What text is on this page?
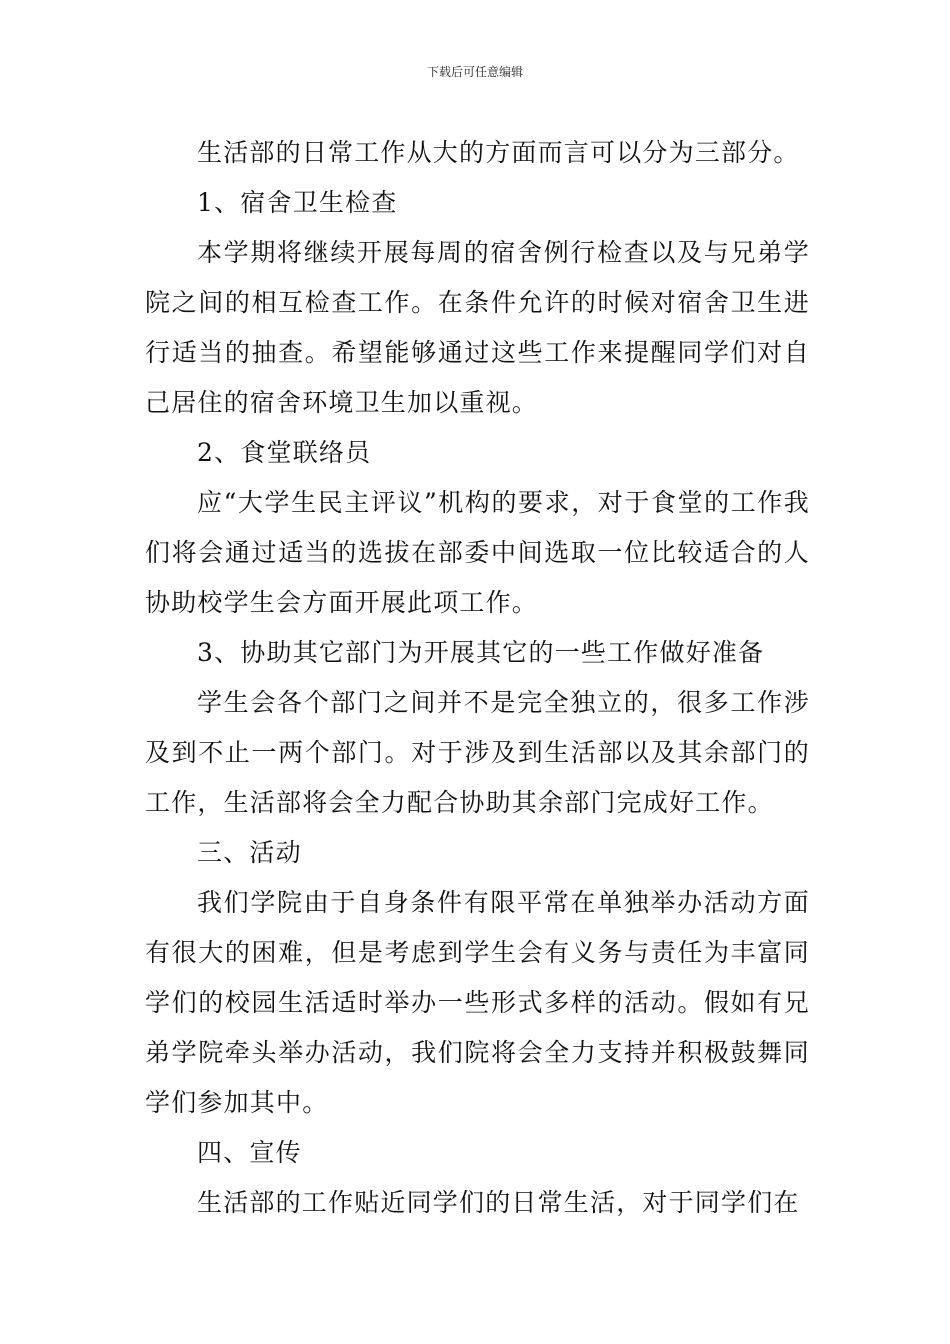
下载后可任意编辑

生活部的日常工作从大的方面而言可以分为三部分。

1、宿舍卫生检查

本学期将继续开展每周的宿舍例行检查以及与兄弟学院之间的相互检查工作。在条件允许的时候对宿舍卫生进行适当的抽查。希望能够通过这些工作来提醒同学们对自己居住的宿舍环境卫生加以重视。

2、食堂联络员

应“大学生民主评议”机构的要求，对于食堂的工作我们将会通过适当的选拔在部委中间选取一位比较适合的人协助校学生会方面开展此项工作。

3、协助其它部门为开展其它的一些工作做好准备

学生会各个部门之间并不是完全独立的，很多工作涉及到不止一两个部门。对于涉及到生活部以及其余部门的工作，生活部将会全力配合协助其余部门完成好工作。

三、活动

我们学院由于自身条件有限平常在单独举办活动方面有很大的困难，但是考虑到学生会有义务与责任为丰富同学们的校园生活适时举办一些形式多样的活动。假如有兄弟学院牵头举办活动，我们院将会全力支持并积极鼓舞同学们参加其中。

四、宣传

生活部的工作贴近同学们的日常生活，对于同学们在
